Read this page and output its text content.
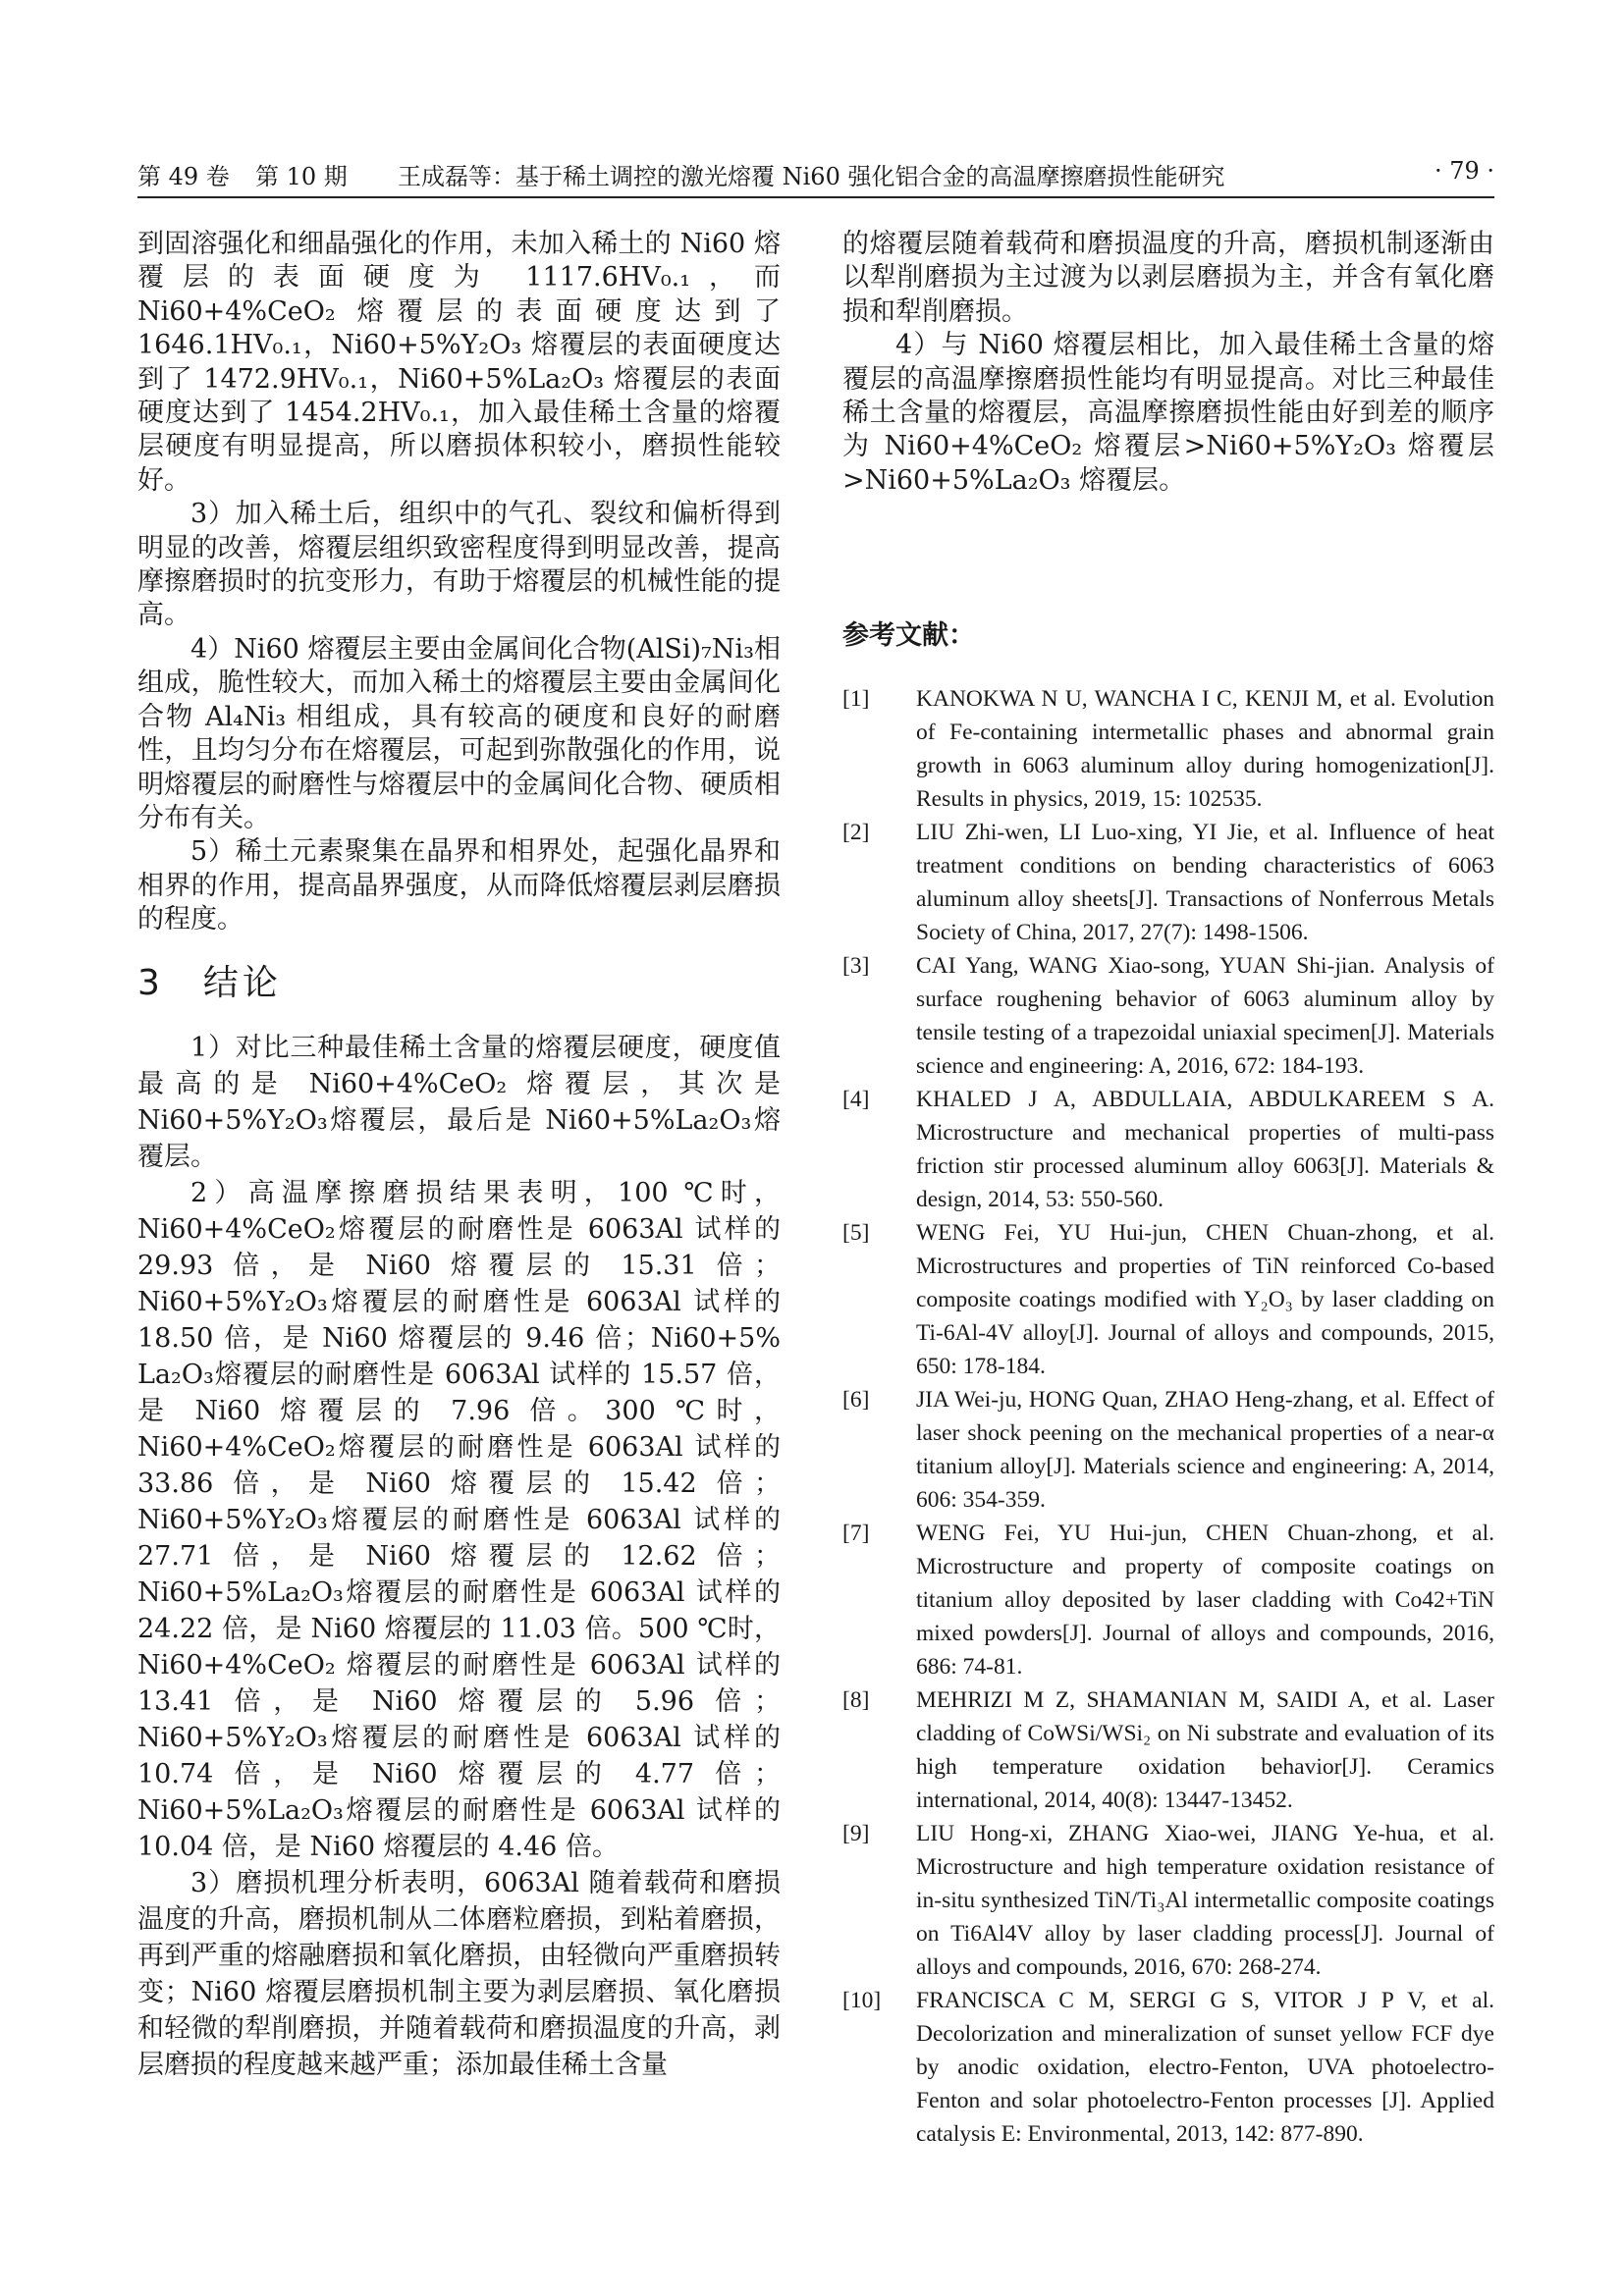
第 49 卷 第 10 期 王成磊等：基于稀土调控的激光熔覆 Ni60 强化铝合金的高温摩擦磨损性能研究	· 79 ·

到固溶强化和细晶强化的作用，未加入稀土的 Ni60 熔覆层的表面硬度为 1117.6HV₀.₁，而 Ni60+4%CeO₂ 熔覆层的表面硬度达到了 1646.1HV₀.₁，Ni60+5%Y₂O₃ 熔覆层的表面硬度达到了 1472.9HV₀.₁，Ni60+5%La₂O₃ 熔覆层的表面硬度达到了 1454.2HV₀.₁，加入最佳稀土含量的熔覆层硬度有明显提高，所以磨损体积较小，磨损性能较好。

3）加入稀土后，组织中的气孔、裂纹和偏析得到明显的改善，熔覆层组织致密程度得到明显改善，提高摩擦磨损时的抗变形力，有助于熔覆层的机械性能的提高。

4）Ni60 熔覆层主要由金属间化合物(AlSi)₇Ni₃相组成，脆性较大，而加入稀土的熔覆层主要由金属间化合物 Al₄Ni₃ 相组成，具有较高的硬度和良好的耐磨性，且均匀分布在熔覆层，可起到弥散强化的作用，说明熔覆层的耐磨性与熔覆层中的金属间化合物、硬质相分布有关。

5）稀土元素聚集在晶界和相界处，起强化晶界和相界的作用，提高晶界强度，从而降低熔覆层剥层磨损的程度。

3　结论

1）对比三种最佳稀土含量的熔覆层硬度，硬度值最高的是 Ni60+4%CeO₂ 熔覆层，其次是 Ni60+5%Y₂O₃熔覆层，最后是 Ni60+5%La₂O₃熔覆层。

2）高温摩擦磨损结果表明，100 ℃时，Ni60+4%CeO₂熔覆层的耐磨性是 6063Al 试样的 29.93 倍，是 Ni60 熔覆层的 15.31 倍；Ni60+5%Y₂O₃熔覆层的耐磨性是 6063Al 试样的 18.50 倍，是 Ni60 熔覆层的 9.46 倍；Ni60+5% La₂O₃熔覆层的耐磨性是 6063Al 试样的 15.57 倍，是 Ni60 熔覆层的 7.96 倍。300 ℃时，Ni60+4%CeO₂熔覆层的耐磨性是 6063Al 试样的 33.86 倍，是 Ni60 熔覆层的 15.42 倍；Ni60+5%Y₂O₃熔覆层的耐磨性是 6063Al 试样的 27.71 倍，是 Ni60 熔覆层的 12.62 倍；Ni60+5%La₂O₃熔覆层的耐磨性是 6063Al 试样的 24.22 倍，是 Ni60 熔覆层的 11.03 倍。500 ℃时，Ni60+4%CeO₂ 熔覆层的耐磨性是 6063Al 试样的 13.41 倍，是 Ni60 熔覆层的 5.96 倍；Ni60+5%Y₂O₃熔覆层的耐磨性是 6063Al 试样的 10.74 倍，是 Ni60 熔覆层的 4.77 倍；Ni60+5%La₂O₃熔覆层的耐磨性是 6063Al 试样的 10.04 倍，是 Ni60 熔覆层的 4.46 倍。

3）磨损机理分析表明，6063Al 随着载荷和磨损温度的升高，磨损机制从二体磨粒磨损，到粘着磨损，再到严重的熔融磨损和氧化磨损，由轻微向严重磨损转变；Ni60 熔覆层磨损机制主要为剥层磨损、氧化磨损和轻微的犁削磨损，并随着载荷和磨损温度的升高，剥层磨损的程度越来越严重；添加最佳稀土含量

的熔覆层随着载荷和磨损温度的升高，磨损机制逐渐由以犁削磨损为主过渡为以剥层磨损为主，并含有氧化磨损和犁削磨损。

4）与 Ni60 熔覆层相比，加入最佳稀土含量的熔覆层的高温摩擦磨损性能均有明显提高。对比三种最佳稀土含量的熔覆层，高温摩擦磨损性能由好到差的顺序为 Ni60+4%CeO₂ 熔覆层>Ni60+5%Y₂O₃ 熔覆层>Ni60+5%La₂O₃ 熔覆层。

参考文献：
[1]	KANOKWA N U, WANCHA I C, KENJI M, et al. Evolution of Fe-containing intermetallic phases and abnormal grain growth in 6063 aluminum alloy during homogenization[J]. Results in physics, 2019, 15: 102535.
[2]	LIU Zhi-wen, LI Luo-xing, YI Jie, et al. Influence of heat treatment conditions on bending characteristics of 6063 aluminum alloy sheets[J]. Transactions of Nonferrous Metals Society of China, 2017, 27(7): 1498-1506.
[3]	CAI Yang, WANG Xiao-song, YUAN Shi-jian. Analysis of surface roughening behavior of 6063 aluminum alloy by tensile testing of a trapezoidal uniaxial specimen[J]. Materials science and engineering: A, 2016, 672: 184-193.
[4]	KHALED J A, ABDULLAIA, ABDULKAREEM S A. Microstructure and mechanical properties of multi-pass friction stir processed aluminum alloy 6063[J]. Materials & design, 2014, 53: 550-560.
[5]	WENG Fei, YU Hui-jun, CHEN Chuan-zhong, et al. Microstructures and properties of TiN reinforced Co-based composite coatings modified with Y₂O₃ by laser cladding on Ti-6Al-4V alloy[J]. Journal of alloys and compounds, 2015, 650: 178-184.
[6]	JIA Wei-ju, HONG Quan, ZHAO Heng-zhang, et al. Effect of laser shock peening on the mechanical properties of a near-α titanium alloy[J]. Materials science and engineering: A, 2014, 606: 354-359.
[7]	WENG Fei, YU Hui-jun, CHEN Chuan-zhong, et al. Microstructure and property of composite coatings on titanium alloy deposited by laser cladding with Co42+TiN mixed powders[J]. Journal of alloys and compounds, 2016, 686: 74-81.
[8]	MEHRIZI M Z, SHAMANIAN M, SAIDI A, et al. Laser cladding of CoWSi/WSi₂ on Ni substrate and evaluation of its high temperature oxidation behavior[J]. Ceramics international, 2014, 40(8): 13447-13452.
[9]	LIU Hong-xi, ZHANG Xiao-wei, JIANG Ye-hua, et al. Microstructure and high temperature oxidation resistance of in-situ synthesized TiN/Ti₃Al intermetallic composite coatings on Ti6Al4V alloy by laser cladding process[J]. Journal of alloys and compounds, 2016, 670: 268-274.
[10]	FRANCISCA C M, SERGI G S, VITOR J P V, et al. Decolorization and mineralization of sunset yellow FCF dye by anodic oxidation, electro-Fenton, UVA photoelectro-Fenton and solar photoelectro-Fenton processes [J]. Applied catalysis E: Environmental, 2013, 142: 877-890.
